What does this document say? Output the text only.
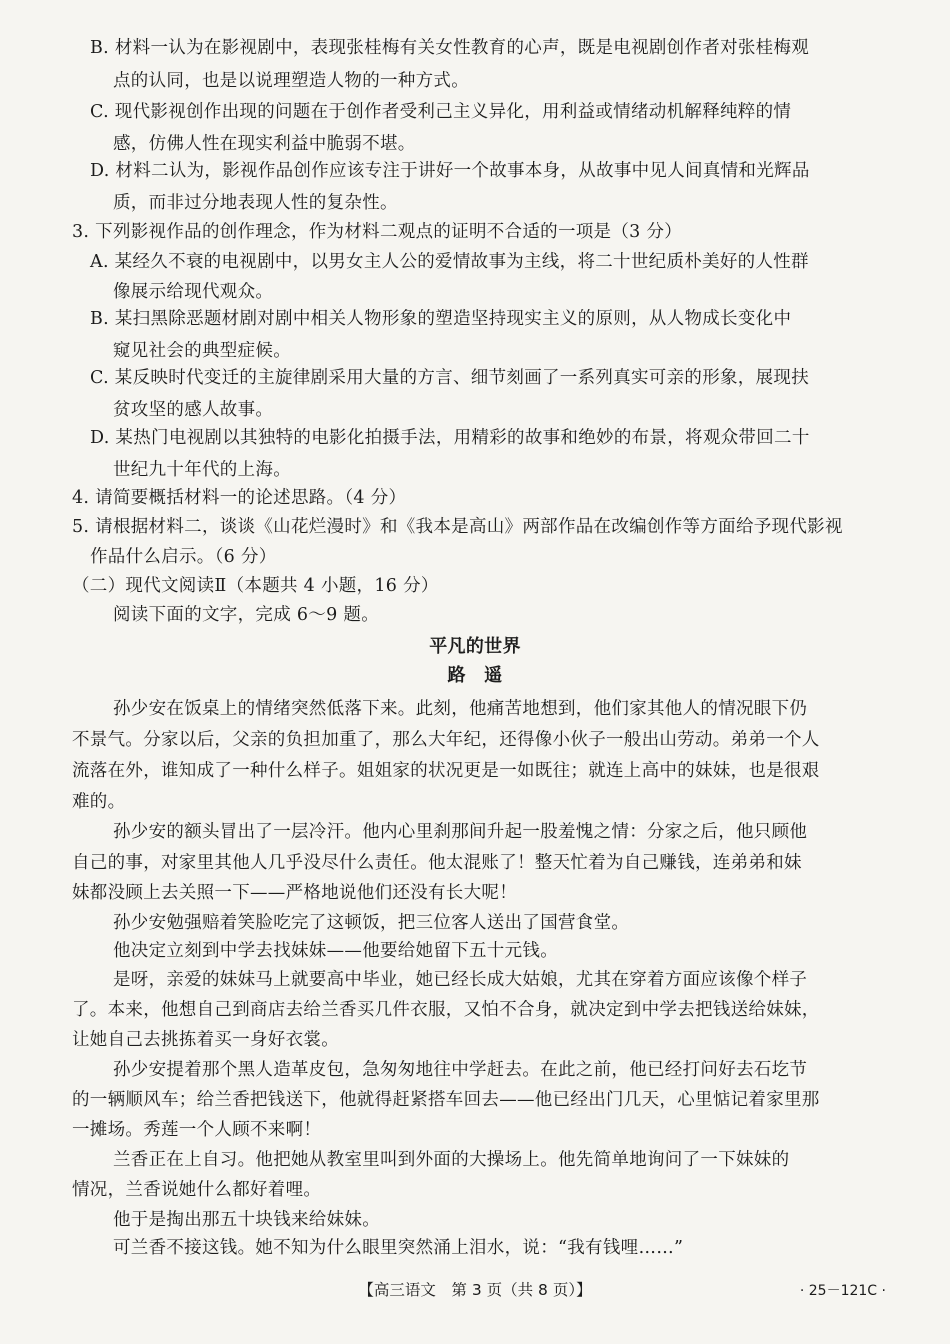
B. 材料一认为在影视剧中，表现张桂梅有关女性教育的心声，既是电视剧创作者对张桂梅观
点的认同，也是以说理塑造人物的一种方式。
C. 现代影视创作出现的问题在于创作者受利己主义异化，用利益或情绪动机解释纯粹的情
感，仿佛人性在现实利益中脆弱不堪。
D. 材料二认为，影视作品创作应该专注于讲好一个故事本身，从故事中见人间真情和光辉品
质，而非过分地表现人性的复杂性。
3. 下列影视作品的创作理念，作为材料二观点的证明不合适的一项是（3 分）
A. 某经久不衰的电视剧中，以男女主人公的爱情故事为主线，将二十世纪质朴美好的人性群
像展示给现代观众。
B. 某扫黑除恶题材剧对剧中相关人物形象的塑造坚持现实主义的原则，从人物成长变化中
窥见社会的典型症候。
C. 某反映时代变迁的主旋律剧采用大量的方言、细节刻画了一系列真实可亲的形象，展现扶
贫攻坚的感人故事。
D. 某热门电视剧以其独特的电影化拍摄手法，用精彩的故事和绝妙的布景，将观众带回二十
世纪九十年代的上海。
4. 请简要概括材料一的论述思路。（4 分）
5. 请根据材料二，谈谈《山花烂漫时》和《我本是高山》两部作品在改编创作等方面给予现代影视
作品什么启示。（6 分）
（二）现代文阅读Ⅱ（本题共 4 小题，16 分）
阅读下面的文字，完成 6～9 题。
平凡的世界
路　遥
孙少安在饭桌上的情绪突然低落下来。此刻，他痛苦地想到，他们家其他人的情况眼下仍
不景气。分家以后，父亲的负担加重了，那么大年纪，还得像小伙子一般出山劳动。弟弟一个人
流落在外，谁知成了一种什么样子。姐姐家的状况更是一如既往；就连上高中的妹妹，也是很艰
难的。
孙少安的额头冒出了一层冷汗。他内心里刹那间升起一股羞愧之情：分家之后，他只顾他
自己的事，对家里其他人几乎没尽什么责任。他太混账了！整天忙着为自己赚钱，连弟弟和妹
妹都没顾上去关照一下——严格地说他们还没有长大呢！
孙少安勉强赔着笑脸吃完了这顿饭，把三位客人送出了国营食堂。
他决定立刻到中学去找妹妹——他要给她留下五十元钱。
是呀，亲爱的妹妹马上就要高中毕业，她已经长成大姑娘，尤其在穿着方面应该像个样子
了。本来，他想自己到商店去给兰香买几件衣服，又怕不合身，就决定到中学去把钱送给妹妹，
让她自己去挑拣着买一身好衣裳。
孙少安提着那个黑人造革皮包，急匆匆地往中学赶去。在此之前，他已经打问好去石圪节
的一辆顺风车；给兰香把钱送下，他就得赶紧搭车回去——他已经出门几天，心里惦记着家里那
一摊场。秀莲一个人顾不来啊！
兰香正在上自习。他把她从教室里叫到外面的大操场上。他先简单地询问了一下妹妹的
情况，兰香说她什么都好着哩。
他于是掏出那五十块钱来给妹妹。
可兰香不接这钱。她不知为什么眼里突然涌上泪水，说：“我有钱哩……”
【高三语文　第 3 页（共 8 页）】	· 25－121C ·
